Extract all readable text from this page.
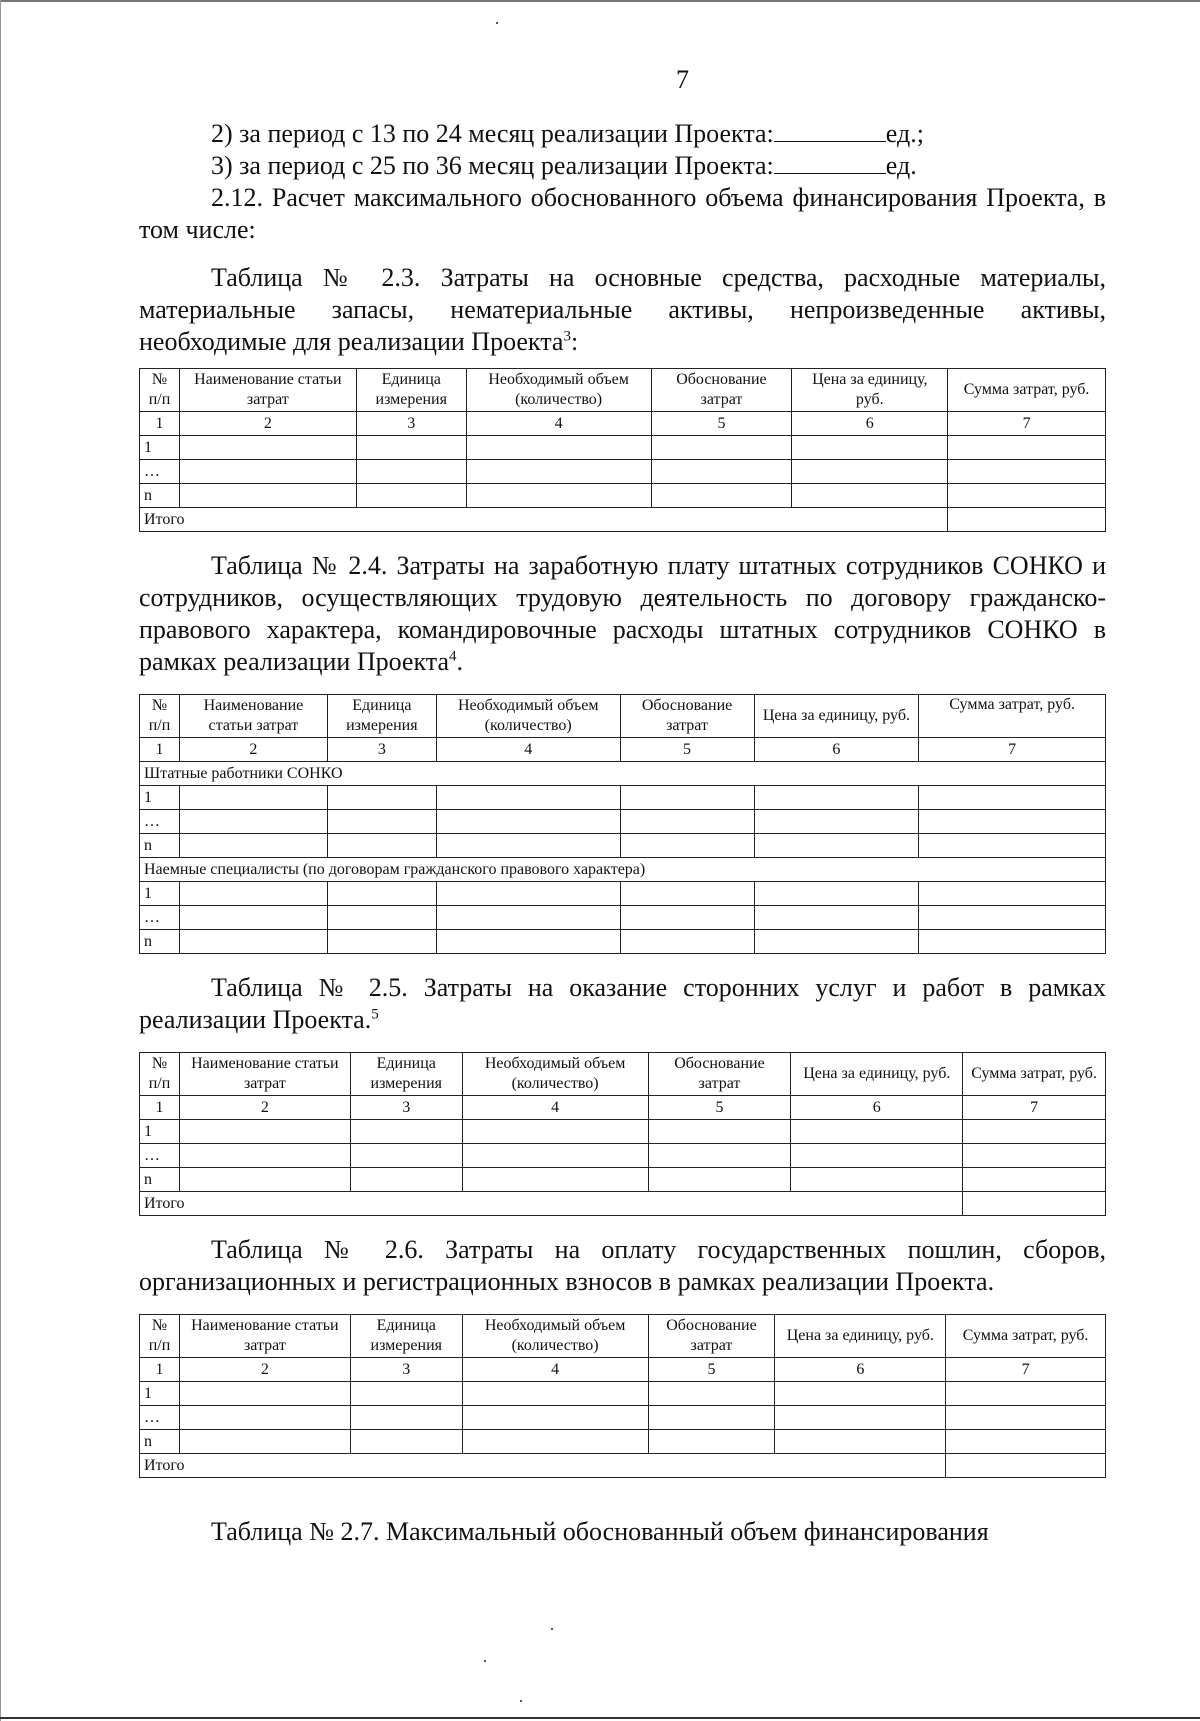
7

2) за период с 13 по 24 месяц реализации Проекта:	ед.;

3) за период с 25 по 36 месяц реализации Проекта:	ед.

2.12. Расчет максимального обоснованного объема финансирования Проекта, в том числе:

Таблица № 2.3. Затраты на основные средства, расходные материалы, материальные запасы, нематериальные активы, непроизведенные активы, необходимые для реализации Проекта$^3$:

№ п/п	Наименование статьи затрат	Единица измерения	Необходимый объем (количество)	Обоснование затрат	Цена за единицу, руб.	Сумма затрат, руб.
1	2	3	4	5	6	7
1						
…						
n						
Итого						

Таблица № 2.4. Затраты на заработную плату штатных сотрудников СОНКО и сотрудников, осуществляющих трудовую деятельность по договору гражданско-правового характера, командировочные расходы штатных сотрудников СОНКО в рамках реализации Проекта$^4$.

№ п/п	Наименование статьи затрат	Единица измерения	Необходимый объем (количество)	Обоснование затрат	Цена за единицу, руб.	Сумма затрат, руб.
1	2	3	4	5	6	7
Штатные работники СОНКО						
1						
…						
n						
Наемные специалисты (по договорам гражданского правового характера)						
1						
…						
n						

Таблица № 2.5. Затраты на оказание сторонних услуг и работ в рамках реализации Проекта.$^5$

№ п/п	Наименование статьи затрат	Единица измерения	Необходимый объем (количество)	Обоснование затрат	Цена за единицу, руб.	Сумма затрат, руб.
1	2	3	4	5	6	7
1						
…						
n						
Итого						

Таблица № 2.6. Затраты на оплату государственных пошлин, сборов, организационных и регистрационных взносов в рамках реализации Проекта.

№ п/п	Наименование статьи затрат	Единица измерения	Необходимый объем (количество)	Обоснование затрат	Цена за единицу, руб.	Сумма затрат, руб.
1	2	3	4	5	6	7
1						
…						
n						
Итого						

Таблица № 2.7. Максимальный обоснованный объем финансирования
